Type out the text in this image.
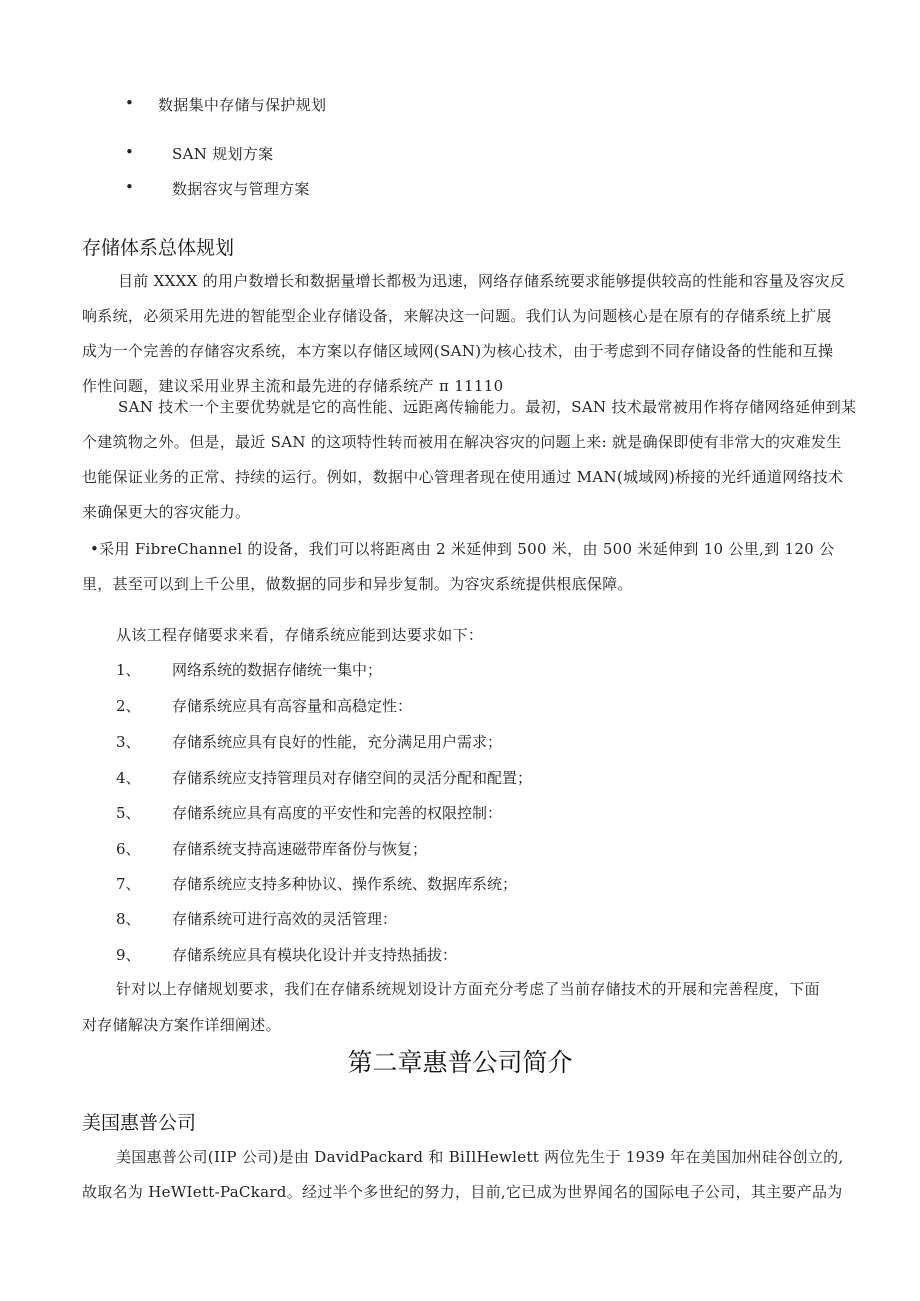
• 数据集中存储与保护规划
•	SAN 规划方案
•	数据容灾与管理方案
存储体系总体规划

目前 XXXX 的用户数增长和数据量增长都极为迅速，网络存储系统要求能够提供较高的性能和容量及容灾反

响系统，必须采用先进的智能型企业存储设备，来解决这一问题。我们认为问题核心是在原有的存储系统上扩展

成为一个完善的存储容灾系统，本方案以存储区域网(SAN)为核心技术，由于考虑到不同存储设备的性能和互操

作性问题，建议采用业界主流和最先进的存储系统产 π 11110

SAN 技术一个主要优势就是它的高性能、远距离传输能力。最初，SAN 技术最常被用作将存储网络延伸到某

个建筑物之外。但是，最近 SAN 的这项特性转而被用在解决容灾的问题上来: 就是确保即使有非常大的灾难发生

也能保证业务的正常、持续的运行。例如，数据中心管理者现在使用通过 MAN(城域网)桥接的光纤通道网络技术

来确保更大的容灾能力。

•采用 FibreChannel 的设备，我们可以将距离由 2 米延伸到 500 米，由 500 米延伸到 10 公里,到 120 公

里，甚至可以到上千公里，做数据的同步和异步复制。为容灾系统提供根底保障。

从该工程存储要求来看，存储系统应能到达要求如下：
1、 网络系统的数据存储统一集中；
2、 存储系统应具有高容量和高稳定性：
3、 存储系统应具有良好的性能，充分满足用户需求；
4、 存储系统应支持管理员对存储空间的灵活分配和配置；
5、 存储系统应具有高度的平安性和完善的权限控制：
6、 存储系统支持高速磁带库备份与恢复；
7、 存储系统应支持多种协议、操作系统、数据库系统；
8、 存储系统可进行高效的灵活管理：
9、 存储系统应具有模块化设计并支持热插拔：

针对以上存储规划要求，我们在存储系统规划设计方面充分考虑了当前存储技术的开展和完善程度，下面

对存储解决方案作详细阐述。

第二章惠普公司简介
美国惠普公司

美国惠普公司(IIP 公司)是由 DavidPackard 和 BiIlHewlett 两位先生于 1939 年在美国加州硅谷创立的,

故取名为 HeWIett-PaCkard。经过半个多世纪的努力，目前,它已成为世界闻名的国际电子公司，其主要产品为
